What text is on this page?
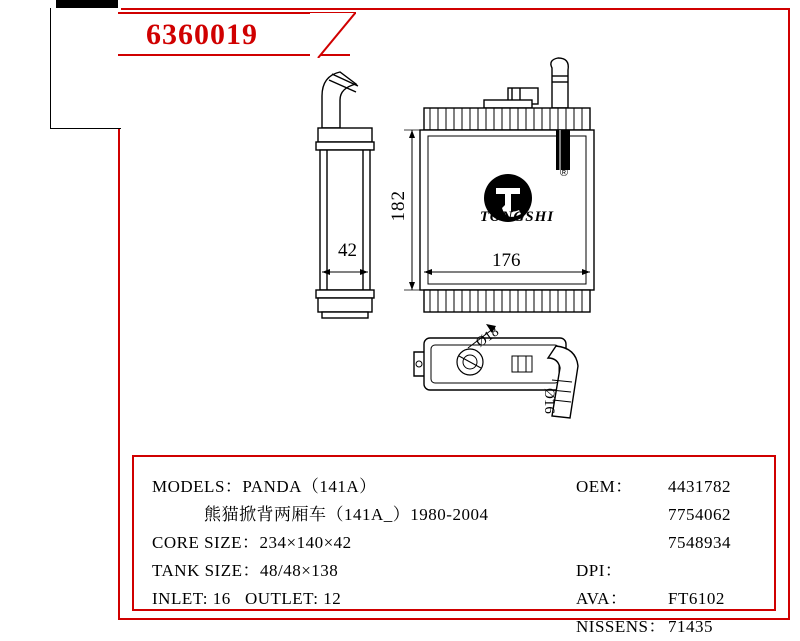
6360019
TONGSHI
®
182
176
42
Ø16
Ø18
MODELS：PANDA（141A）
熊猫掀背两厢车（141A_）1980-2004
CORE SIZE：234×140×42
TANK SIZE：48/48×138
INLET: 16 OUTLET: 12
OEM：	4431782
7754062
7548934
DPI：
AVA：	FT6102
NISSENS： 71435
